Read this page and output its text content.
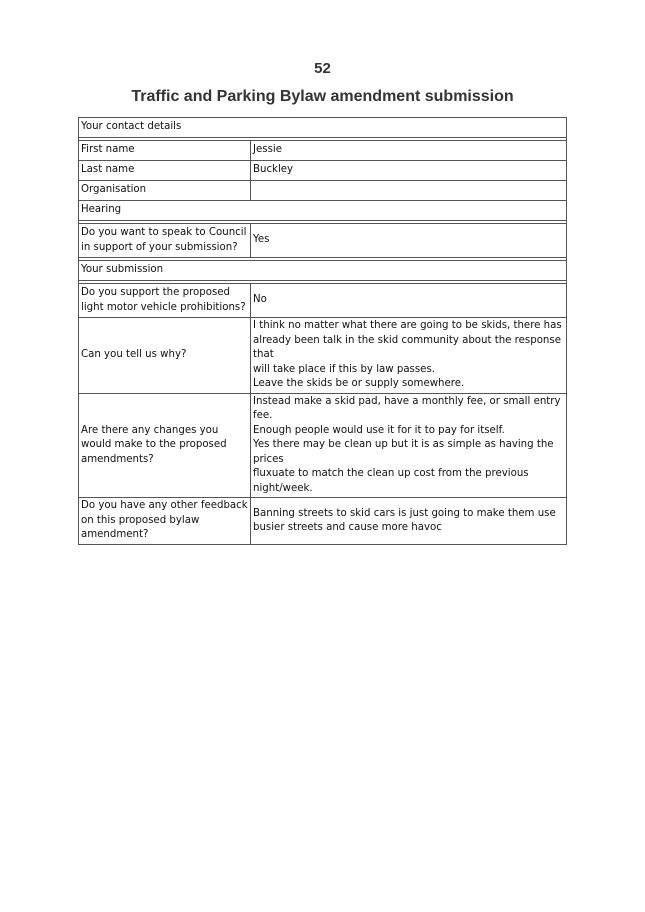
52
Traffic and Parking Bylaw amendment submission
Your contact details	

First name	Jessie
Last name	Buckley
Organisation	
Hearing	

Do you want to speak to Council in support of your submission?	Yes

Your submission	

Do you support the proposed light motor vehicle prohibitions?	No
Can you tell us why?	I think no matter what there are going to be skids, there has
already been talk in the skid community about the response that
will take place if this by law passes.
Leave the skids be or supply somewhere.

Are there any changes you would make to the proposed amendments?	Instead make a skid pad, have a monthly fee, or small entry fee.
Enough people would use it for it to pay for itself.
Yes there may be clean up but it is as simple as having the prices
fluxuate to match the clean up cost from the previous
night/week.

Do you have any other feedback on this proposed bylaw amendment?	Banning streets to skid cars is just going to make them use
busier streets and cause more havoc
